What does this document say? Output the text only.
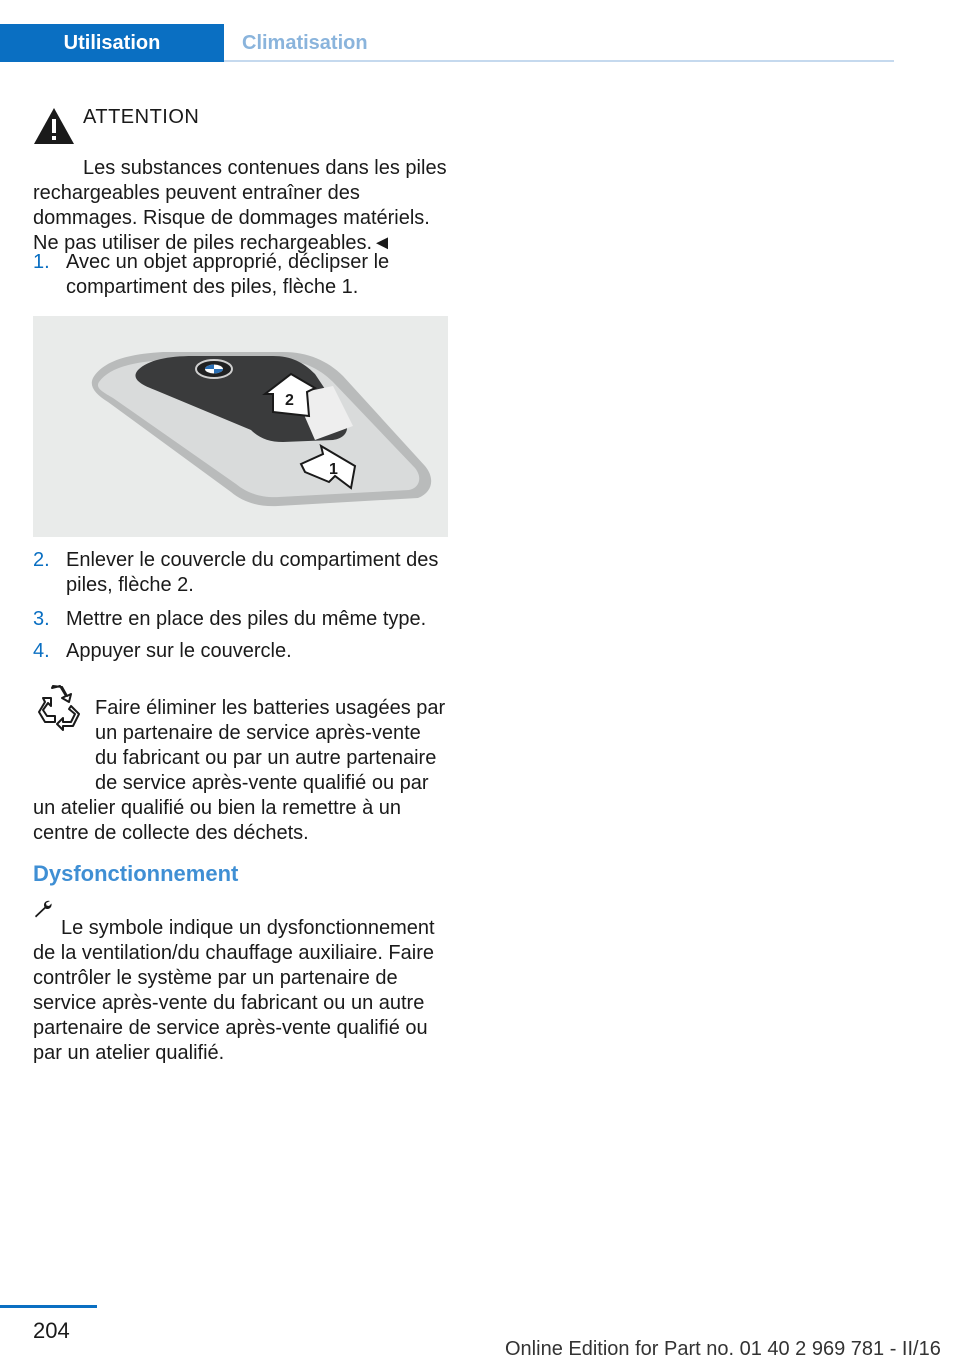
Utilisation	Climatisation
ATTENTION

Les substances contenues dans les piles rechargeables peuvent entraîner des dommages. Risque de dommages matériels. Ne pas utiliser de piles rechargeables.◄

1. Avec un objet approprié, déclipser le compartiment des piles, flèche 1.
2
1
2. Enlever le couvercle du compartiment des piles, flèche 2.
3. Mettre en place des piles du même type.
4. Appuyer sur le couvercle.

Faire éliminer les batteries usagées par un partenaire de service après-vente du fabricant ou par un autre partenaire de service après-vente qualifié ou par un atelier qualifié ou bien la remettre à un centre de collecte des déchets.

Dysfonctionnement

Le symbole indique un dysfonctionnement de la ventilation/du chauffage auxiliaire. Faire contrôler le système par un partenaire de service après-vente du fabricant ou un autre partenaire de service après-vente qualifié ou par un atelier qualifié.

204
Online Edition for Part no. 01 40 2 969 781 - II/16
